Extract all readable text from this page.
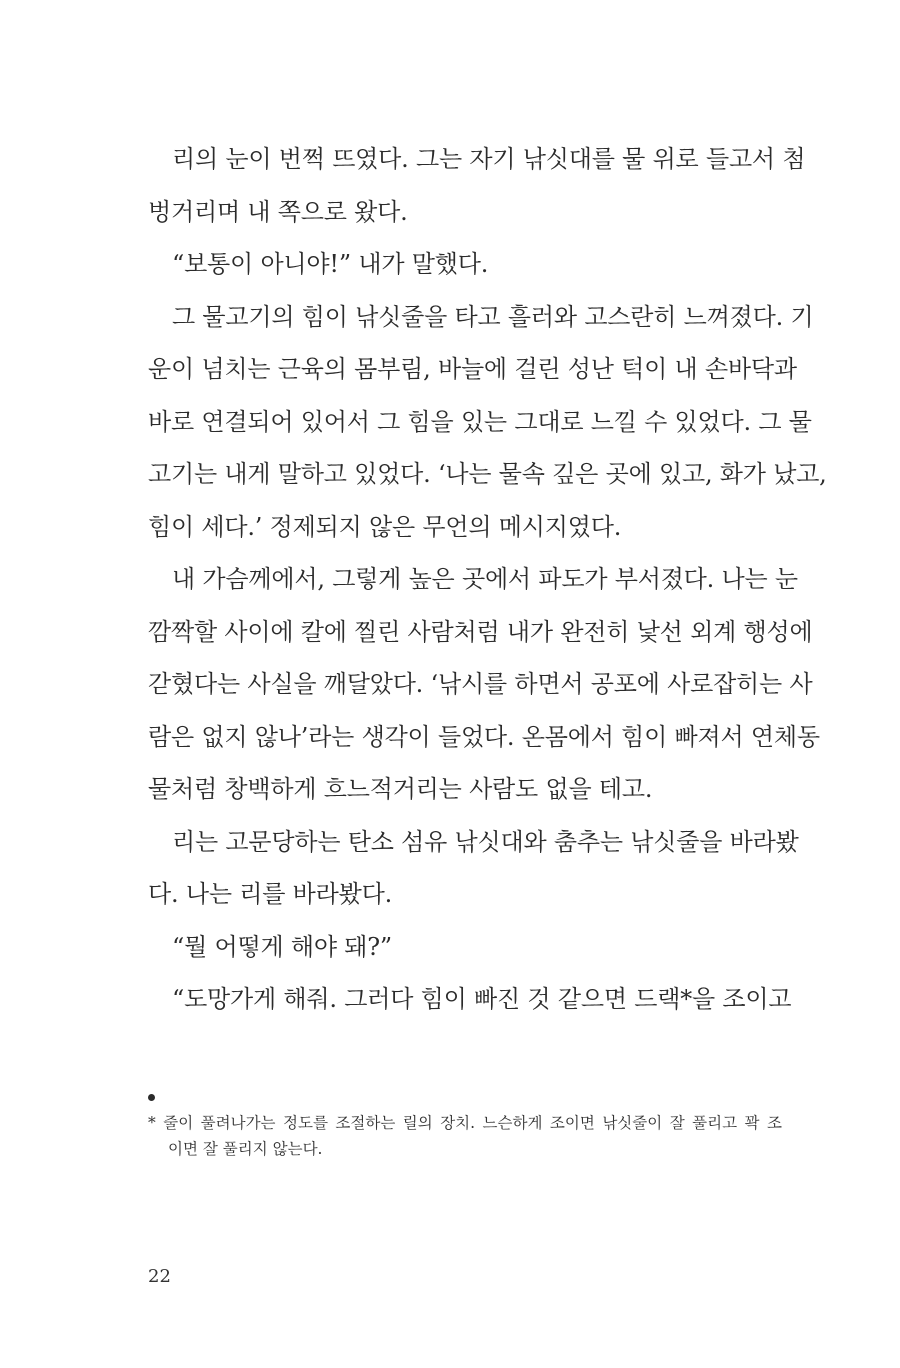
리의 눈이 번쩍 뜨였다. 그는 자기 낚싯대를 물 위로 들고서 첨
벙거리며 내 쪽으로 왔다.
“보통이 아니야!” 내가 말했다.
그 물고기의 힘이 낚싯줄을 타고 흘러와 고스란히 느껴졌다. 기
운이 넘치는 근육의 몸부림, 바늘에 걸린 성난 턱이 내 손바닥과
바로 연결되어 있어서 그 힘을 있는 그대로 느낄 수 있었다. 그 물
고기는 내게 말하고 있었다. ‘나는 물속 깊은 곳에 있고, 화가 났고,
힘이 세다.’ 정제되지 않은 무언의 메시지였다.
내 가슴께에서, 그렇게 높은 곳에서 파도가 부서졌다. 나는 눈
깜짝할 사이에 칼에 찔린 사람처럼 내가 완전히 낯선 외계 행성에
갇혔다는 사실을 깨달았다. ‘낚시를 하면서 공포에 사로잡히는 사
람은 없지 않나’라는 생각이 들었다. 온몸에서 힘이 빠져서 연체동
물처럼 창백하게 흐느적거리는 사람도 없을 테고.
리는 고문당하는 탄소 섬유 낚싯대와 춤추는 낚싯줄을 바라봤
다. 나는 리를 바라봤다.
“뭘 어떻게 해야 돼?”
“도망가게 해줘. 그러다 힘이 빠진 것 같으면 드랙*을 조이고
* 줄이 풀려나가는 정도를 조절하는 릴의 장치. 느슨하게 조이면 낚싯줄이 잘 풀리고 꽉 조
이면 잘 풀리지 않는다.
22
